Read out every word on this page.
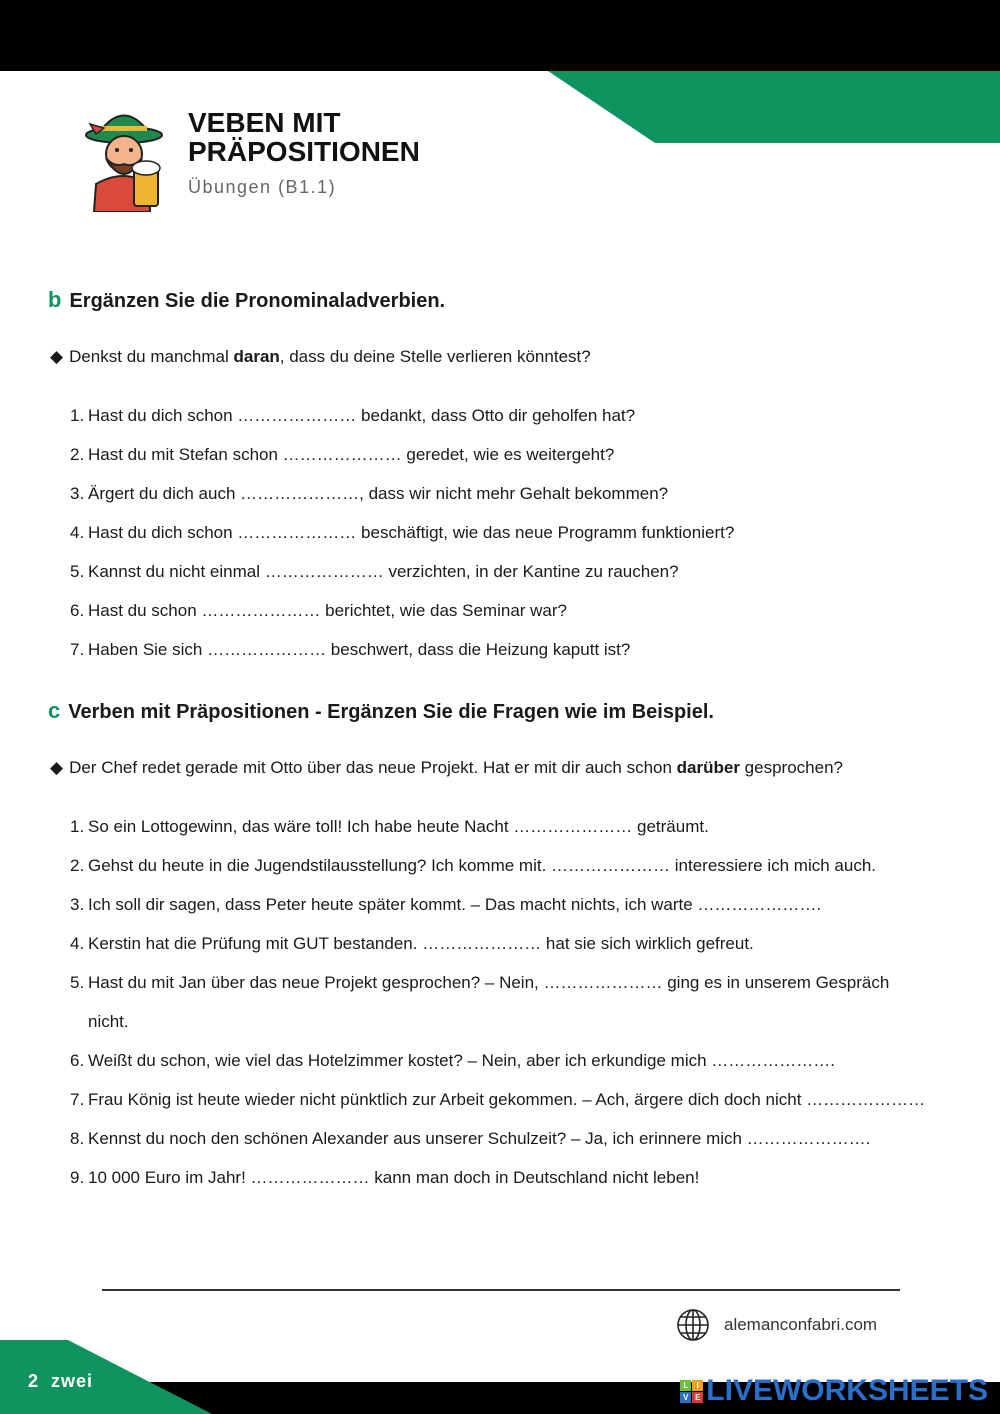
VEBEN MIT
PRÄPOSITIONEN
Übungen (B1.1)
b Ergänzen Sie die Pronominaladverbien.
◆ Denkst du manchmal daran, dass du deine Stelle verlieren könntest?
1. Hast du dich schon ………………… bedankt, dass Otto dir geholfen hat?
2. Hast du mit Stefan schon ………………… geredet, wie es weitergeht?
3. Ärgert du dich auch …………………, dass wir nicht mehr Gehalt bekommen?
4. Hast du dich schon ………………… beschäftigt, wie das neue Programm funktioniert?
5. Kannst du nicht einmal ………………… verzichten, in der Kantine zu rauchen?
6. Hast du schon ………………… berichtet, wie das Seminar war?
7. Haben Sie sich ………………… beschwert, dass die Heizung kaputt ist?
c Verben mit Präpositionen - Ergänzen Sie die Fragen wie im Beispiel.
◆ Der Chef redet gerade mit Otto über das neue Projekt. Hat er mit dir auch schon darüber gesprochen?
1. So ein Lottogewinn, das wäre toll! Ich habe heute Nacht ………………… geträumt.
2. Gehst du heute in die Jugendstilausstellung? Ich komme mit. ………………… interessiere ich mich auch.
3. Ich soll dir sagen, dass Peter heute später kommt. – Das macht nichts, ich warte ………………….
4. Kerstin hat die Prüfung mit GUT bestanden. ………………… hat sie sich wirklich gefreut.
5. Hast du mit Jan über das neue Projekt gesprochen? – Nein, ………………… ging es in unserem Gespräch nicht.
6. Weißt du schon, wie viel das Hotelzimmer kostet? – Nein, aber ich erkundige mich ………………….
7. Frau König ist heute wieder nicht pünktlich zur Arbeit gekommen. – Ach, ärgere dich doch nicht …………………
8. Kennst du noch den schönen Alexander aus unserer Schulzeit? – Ja, ich erinnere mich ………………….
9. 10 000 Euro im Jahr! ………………… kann man doch in Deutschland nicht leben!
alemanconfabri.com
2 zwei	L	I
V E LIVEWORKSHEETS
